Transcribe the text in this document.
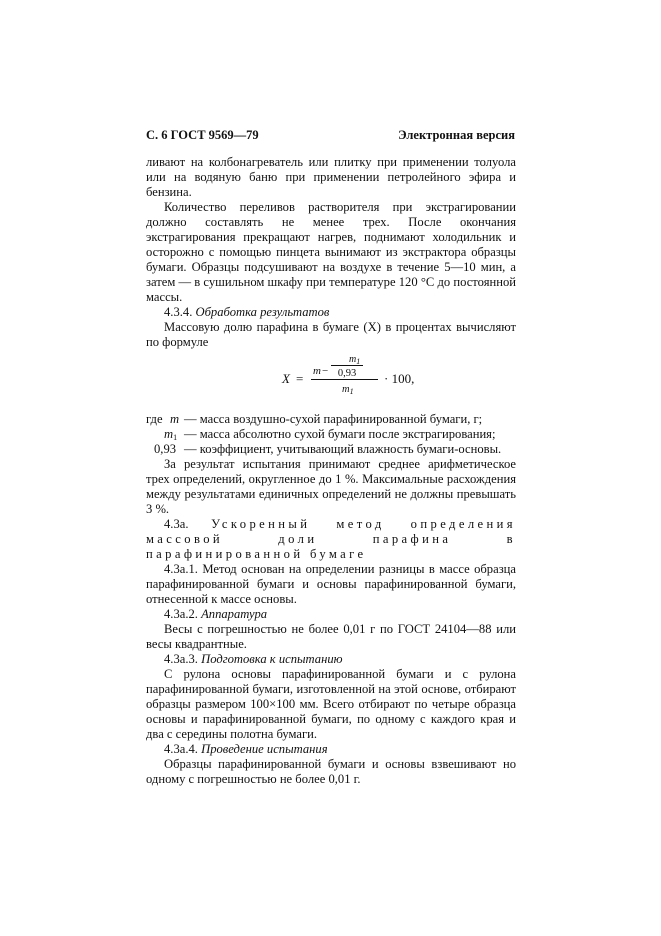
С. 6 ГОСТ 9569—79	Электронная версия

ливают на колбонагреватель или плитку при применении толуола или на водяную баню при применении петролейного эфира и бензина.

Количество переливов растворителя при экстрагировании должно составлять не менее трех. После окончания экстрагирования прекращают нагрев, поднимают холодильник и осторожно с помощью пинцета вынимают из экстрактора образцы бумаги. Образцы подсушивают на воздухе в течение 5—10 мин, а затем — в сушильном шкафу при температуре 120 °С до постоянной массы.

4.3.4. Обработка результатов

Массовую долю парафина в бумаге (X) в процентах вычисляют по формуле

X = m −
$m_1$
0,93
$m_1$
· 100,
где m — масса воздушно-сухой парафинированной бумаги, г;
$m_1$ — масса абсолютно сухой бумаги после экстрагирования;
0,93 — коэффициент, учитывающий влажность бумаги-основы.

За результат испытания принимают среднее арифметическое трех определений, округленное до 1 %. Максимальные расхождения между результатами единичных определений не должны превышать 3 %.

4.3а. Ускоренный метод определения массовой доли парафина в парафинированной бумаге

4.3а.1. Метод основан на определении разницы в массе образца парафинированной бумаги и основы парафинированной бумаги, отнесенной к массе основы.

4.3а.2. Аппаратура

Весы с погрешностью не более 0,01 г по ГОСТ 24104—88 или весы квадрантные.

4.3а.3. Подготовка к испытанию

С рулона основы парафинированной бумаги и с рулона парафинированной бумаги, изготовленной на этой основе, отбирают образцы размером 100×100 мм. Всего отбирают по четыре образца основы и парафинированной бумаги, по одному с каждого края и два с середины полотна бумаги.

4.3а.4. Проведение испытания

Образцы парафинированной бумаги и основы взвешивают но одному с погрешностью не более 0,01 г.
